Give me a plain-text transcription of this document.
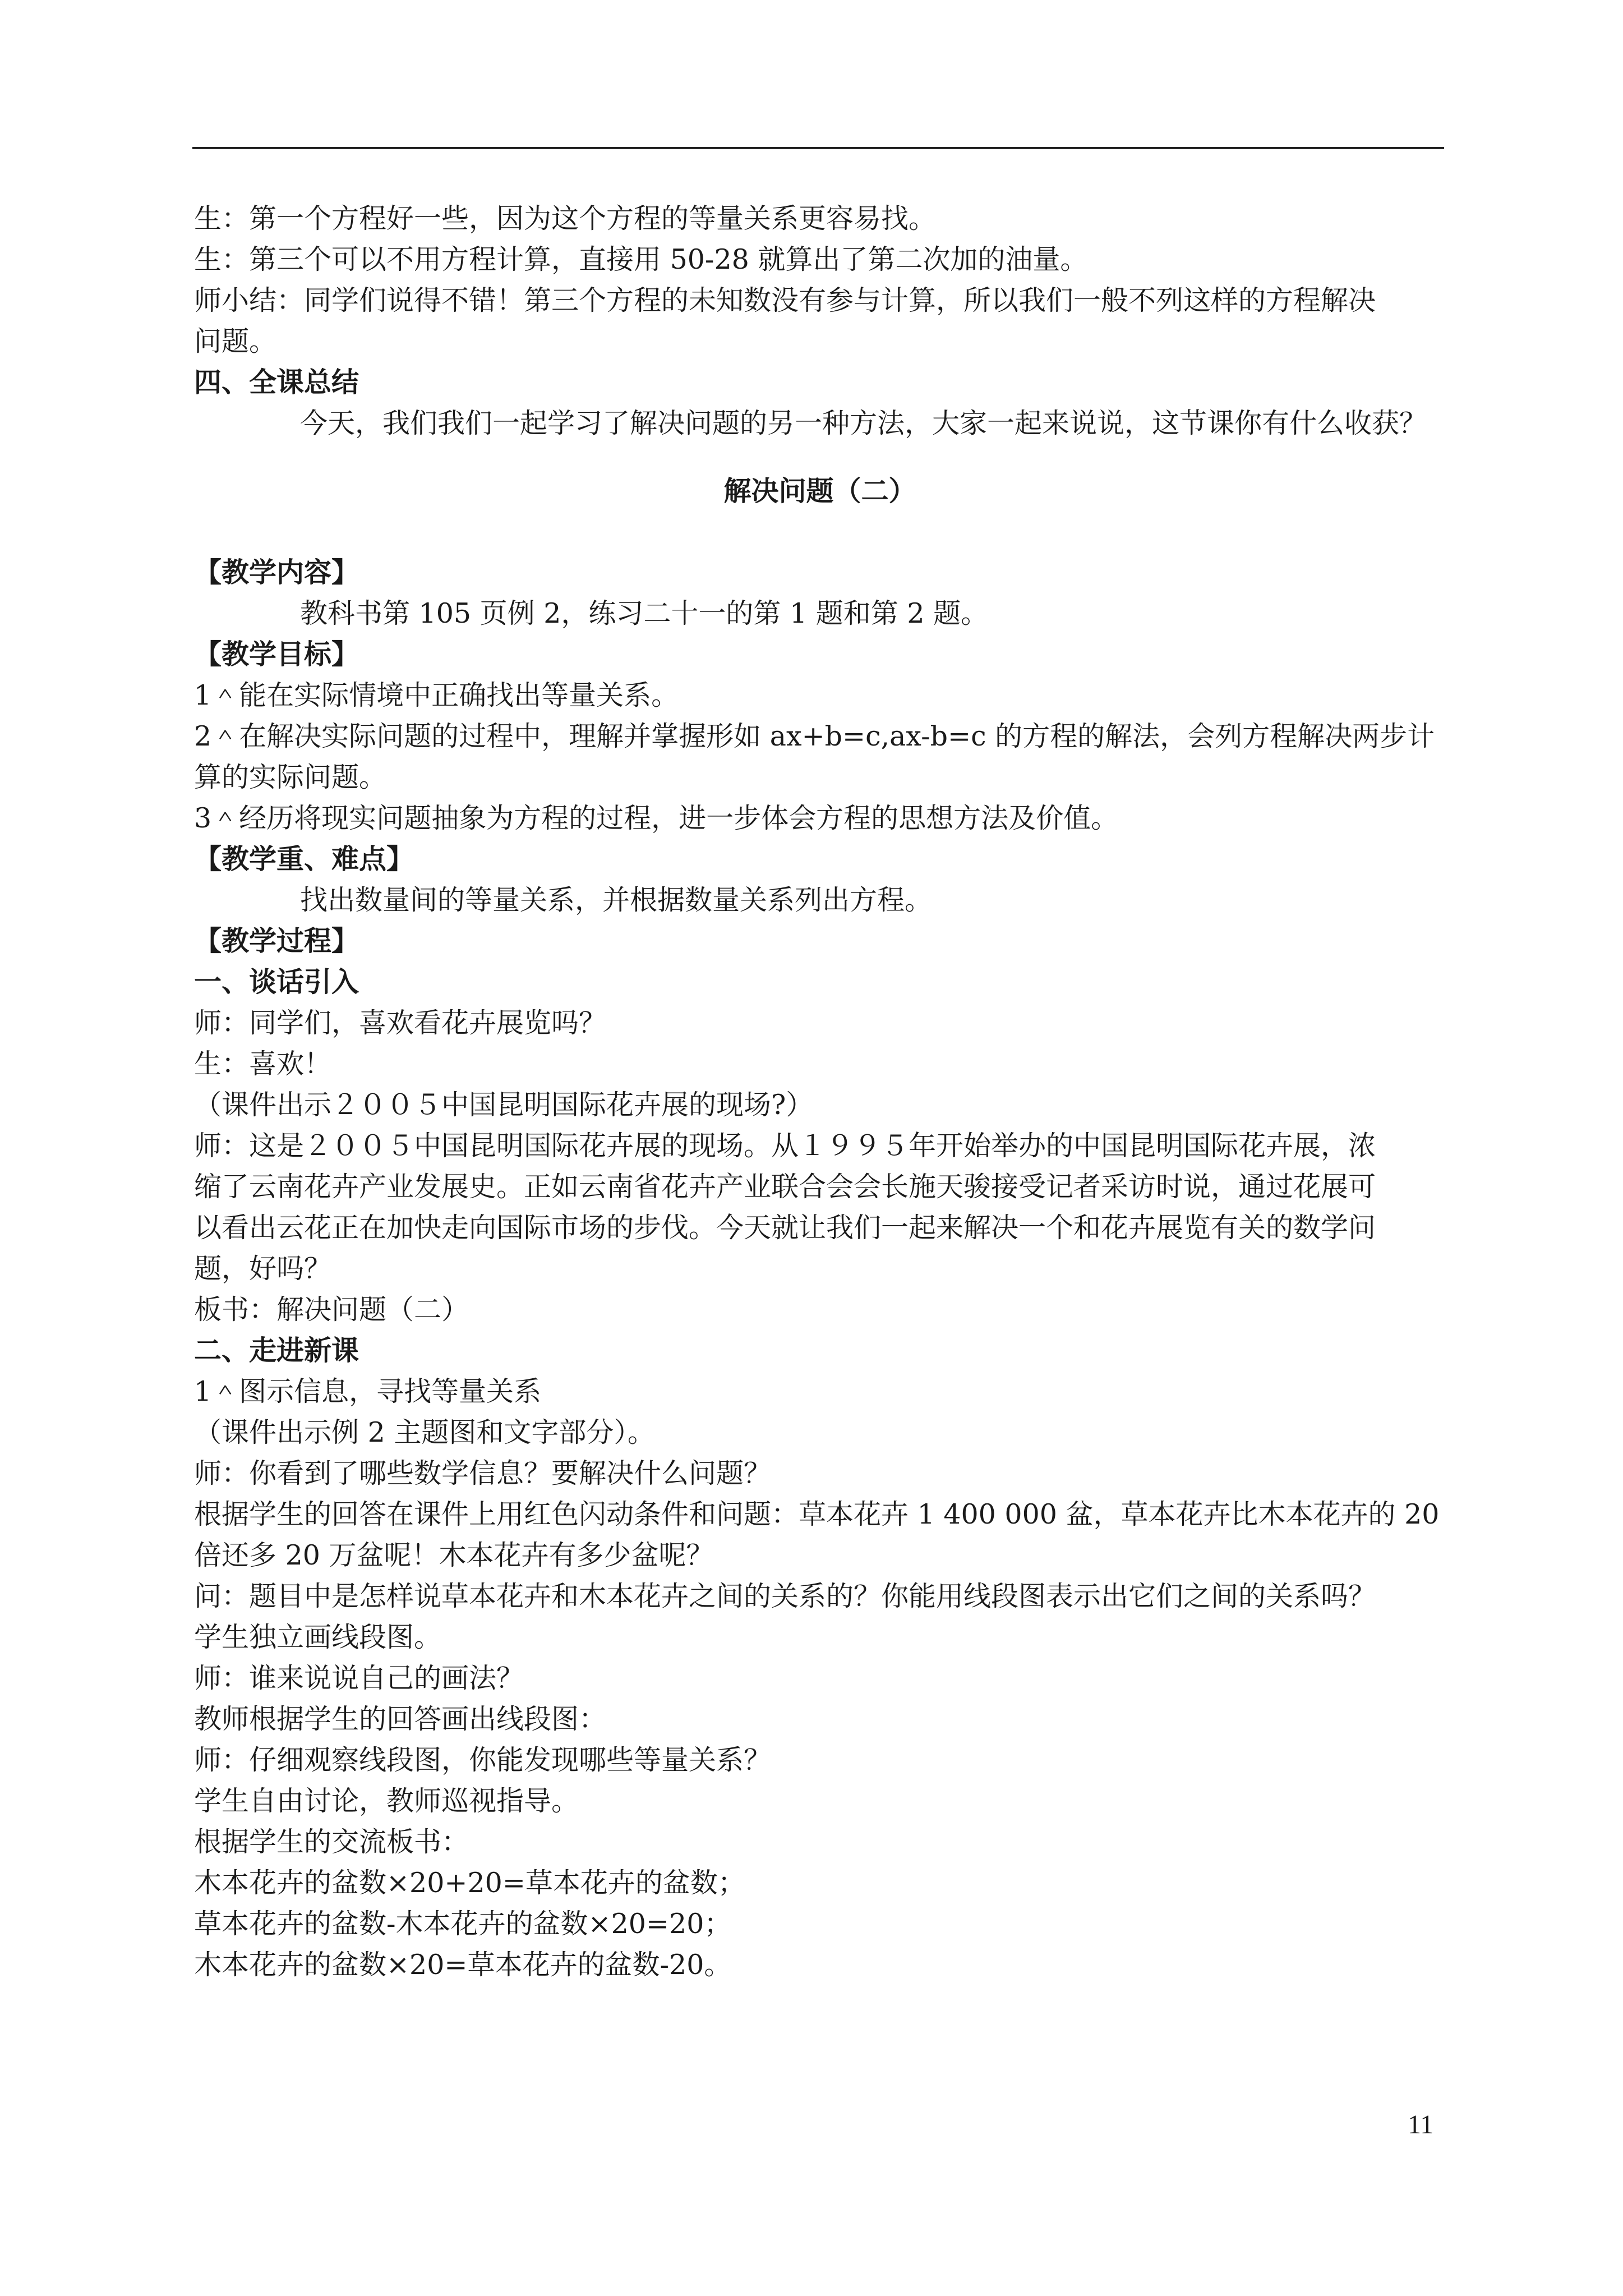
生：第一个方程好一些，因为这个方程的等量关系更容易找。
生：第三个可以不用方程计算，直接用 50-28 就算出了第二次加的油量。
师小结：同学们说得不错！第三个方程的未知数没有参与计算，所以我们一般不列这样的方程解决
问题。
四、全课总结
今天，我们我们一起学习了解决问题的另一种方法，大家一起来说说，这节课你有什么收获？
解决问题（二）
【教学内容】
教科书第 105 页例 2，练习二十一的第 1 题和第 2 题。
【教学目标】
1＾能在实际情境中正确找出等量关系。
2＾在解决实际问题的过程中，理解并掌握形如 ax+b=c,ax-b=c 的方程的解法，会列方程解决两步计
算的实际问题。
3＾经历将现实问题抽象为方程的过程，进一步体会方程的思想方法及价值。
【教学重、难点】
找出数量间的等量关系，并根据数量关系列出方程。
【教学过程】
一、谈话引入
师：同学们，喜欢看花卉展览吗？
生：喜欢！
（课件出示２００５中国昆明国际花卉展的现场?）
师：这是２００５中国昆明国际花卉展的现场。从１９９５年开始举办的中国昆明国际花卉展，浓
缩了云南花卉产业发展史。正如云南省花卉产业联合会会长施天骏接受记者采访时说，通过花展可
以看出云花正在加快走向国际市场的步伐。今天就让我们一起来解决一个和花卉展览有关的数学问
题，好吗？
板书：解决问题（二）
二、走进新课
1＾图示信息，寻找等量关系
（课件出示例 2 主题图和文字部分）。
师：你看到了哪些数学信息？要解决什么问题？
根据学生的回答在课件上用红色闪动条件和问题：草本花卉 1 400 000 盆，草本花卉比木本花卉的 20
倍还多 20 万盆呢！木本花卉有多少盆呢？
问：题目中是怎样说草本花卉和木本花卉之间的关系的？你能用线段图表示出它们之间的关系吗？
学生独立画线段图。
师：谁来说说自己的画法？
教师根据学生的回答画出线段图：
师：仔细观察线段图，你能发现哪些等量关系？
学生自由讨论，教师巡视指导。
根据学生的交流板书：
木本花卉的盆数×20+20=草本花卉的盆数；
草本花卉的盆数-木本花卉的盆数×20=20；
木本花卉的盆数×20=草本花卉的盆数-20。
11
